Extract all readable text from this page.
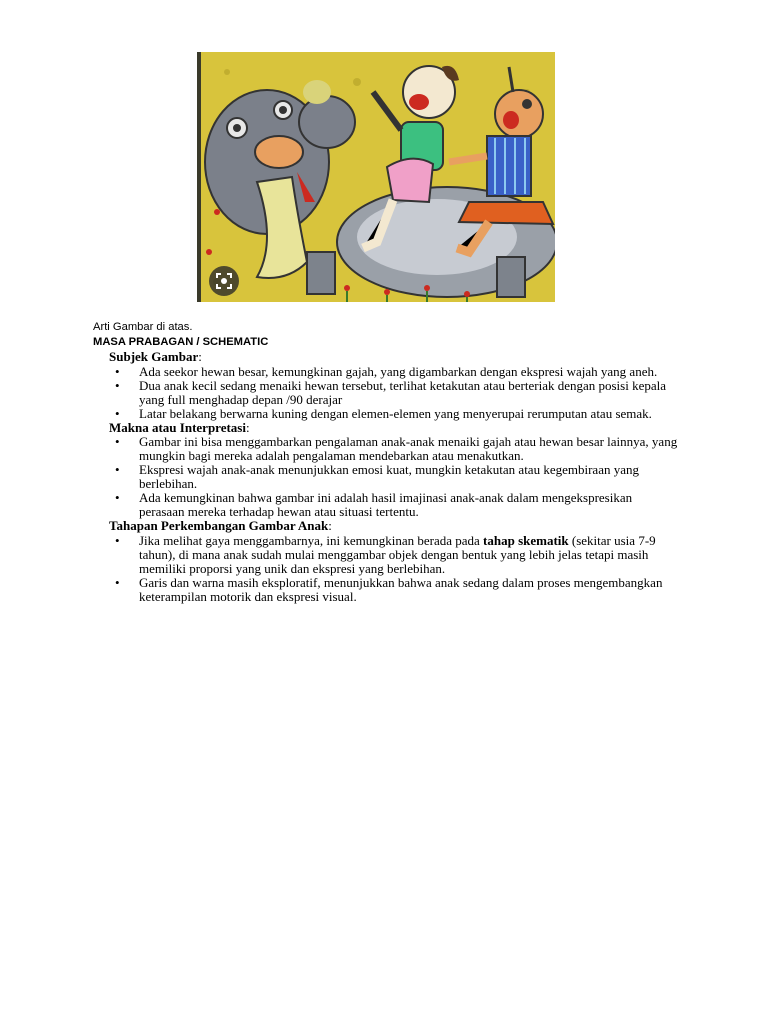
Arti Gambar di atas.
MASA PRABAGAN / SCHEMATIC
Subjek Gambar:
• Ada seekor hewan besar, kemungkinan gajah, yang digambarkan dengan ekspresi wajah yang aneh.
• Dua anak kecil sedang menaiki hewan tersebut, terlihat ketakutan atau berteriak dengan posisi kepala yang full menghadap depan /90 derajar
• Latar belakang berwarna kuning dengan elemen-elemen yang menyerupai rerumputan atau semak.
Makna atau Interpretasi:
• Gambar ini bisa menggambarkan pengalaman anak-anak menaiki gajah atau hewan besar lainnya, yang mungkin bagi mereka adalah pengalaman mendebarkan atau menakutkan.
• Ekspresi wajah anak-anak menunjukkan emosi kuat, mungkin ketakutan atau kegembiraan yang berlebihan.
• Ada kemungkinan bahwa gambar ini adalah hasil imajinasi anak-anak dalam mengekspresikan perasaan mereka terhadap hewan atau situasi tertentu.
Tahapan Perkembangan Gambar Anak:
• Jika melihat gaya menggambarnya, ini kemungkinan berada pada tahap skematik (sekitar usia 7-9 tahun), di mana anak sudah mulai menggambar objek dengan bentuk yang lebih jelas tetapi masih memiliki proporsi yang unik dan ekspresi yang berlebihan.
• Garis dan warna masih eksploratif, menunjukkan bahwa anak sedang dalam proses mengembangkan keterampilan motorik dan ekspresi visual.
